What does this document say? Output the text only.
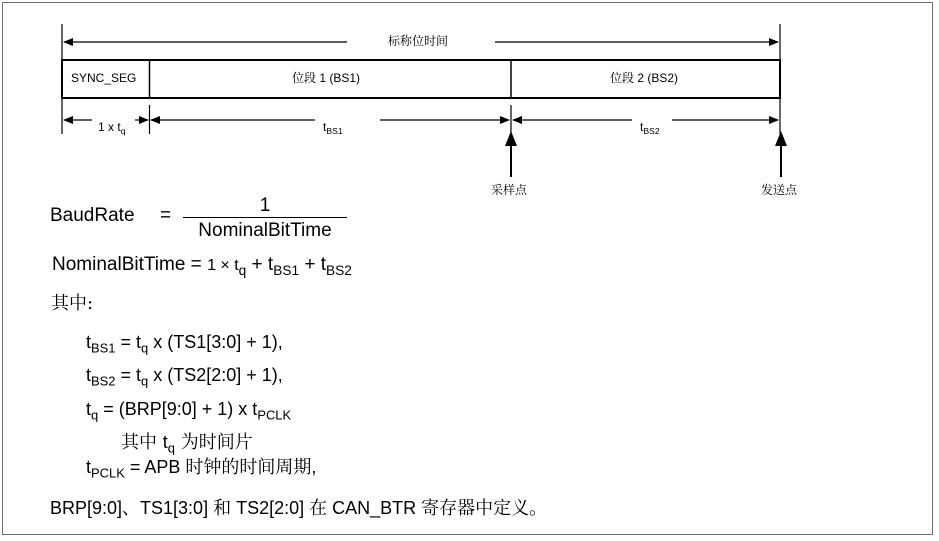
标称位时间
SYNC_SEG	位段 1 (BS1)	位段 2 (BS2)
1 x $t_q$	$t_{BS1}$	$t_{BS2}$
采样点	发送点
BaudRate =	1
NominalBitTime
NominalBitTime = $1 \times t_q + t_{BS1} + t_{BS2}$
其中:
$t_{BS1} = t_q$ x (TS1[3:0] + 1),
$t_{BS2} = t_q$ x (TS2[2:0] + 1),
$t_q$ = (BRP[9:0] + 1) x $t_{PCLK}$
其中 $t_q$ 为时间片
$t_{PCLK}$ = APB 时钟的时间周期,
BRP[9:0]、TS1[3:0] 和 TS2[2:0] 在 CAN_BTR 寄存器中定义。
